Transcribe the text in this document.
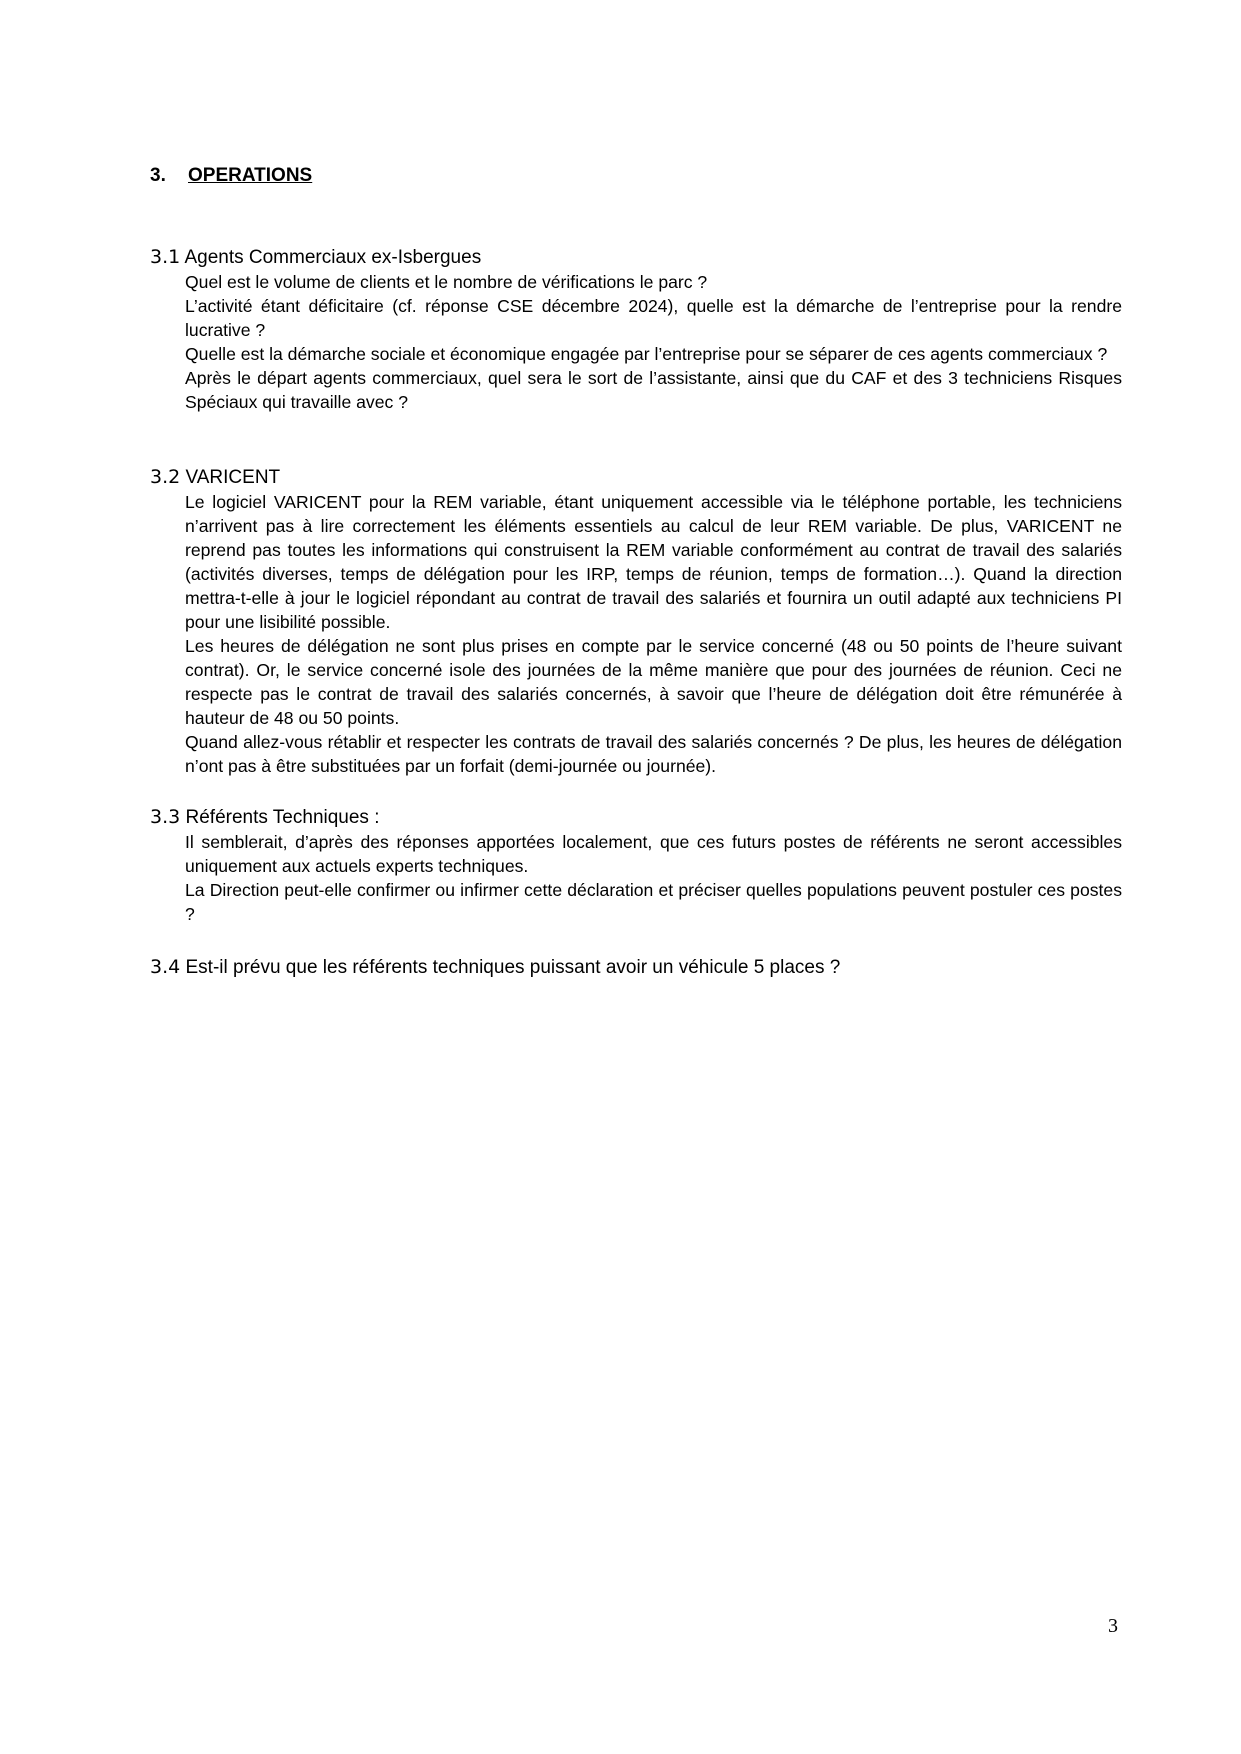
3. OPERATIONS

3.1 Agents Commerciaux ex-Isbergues

Quel est le volume de clients et le nombre de vérifications le parc ?

L’activité étant déficitaire (cf. réponse CSE décembre 2024), quelle est la démarche de l’entreprise pour la rendre lucrative ?

Quelle est la démarche sociale et économique engagée par l’entreprise pour se séparer de ces agents commerciaux ?

Après le départ agents commerciaux, quel sera le sort de l’assistante, ainsi que du CAF et des 3 techniciens Risques Spéciaux qui travaille avec ?

3.2 VARICENT

Le logiciel VARICENT pour la REM variable, étant uniquement accessible via le téléphone portable, les techniciens n’arrivent pas à lire correctement les éléments essentiels au calcul de leur REM variable. De plus, VARICENT ne reprend pas toutes les informations qui construisent la REM variable conformément au contrat de travail des salariés (activités diverses, temps de délégation pour les IRP, temps de réunion, temps de formation…). Quand la direction mettra-t-elle à jour le logiciel répondant au contrat de travail des salariés et fournira un outil adapté aux techniciens PI pour une lisibilité possible.

Les heures de délégation ne sont plus prises en compte par le service concerné (48 ou 50 points de l’heure suivant contrat). Or, le service concerné isole des journées de la même manière que pour des journées de réunion. Ceci ne respecte pas le contrat de travail des salariés concernés, à savoir que l’heure de délégation doit être rémunérée à hauteur de 48 ou 50 points.

Quand allez-vous rétablir et respecter les contrats de travail des salariés concernés ? De plus, les heures de délégation n’ont pas à être substituées par un forfait (demi-journée ou journée).

3.3 Référents Techniques :

Il semblerait, d’après des réponses apportées localement, que ces futurs postes de référents ne seront accessibles uniquement aux actuels experts techniques.

La Direction peut-elle confirmer ou infirmer cette déclaration et préciser quelles populations peuvent postuler ces postes ?

3.4 Est-il prévu que les référents techniques puissant avoir un véhicule 5 places ?

3
